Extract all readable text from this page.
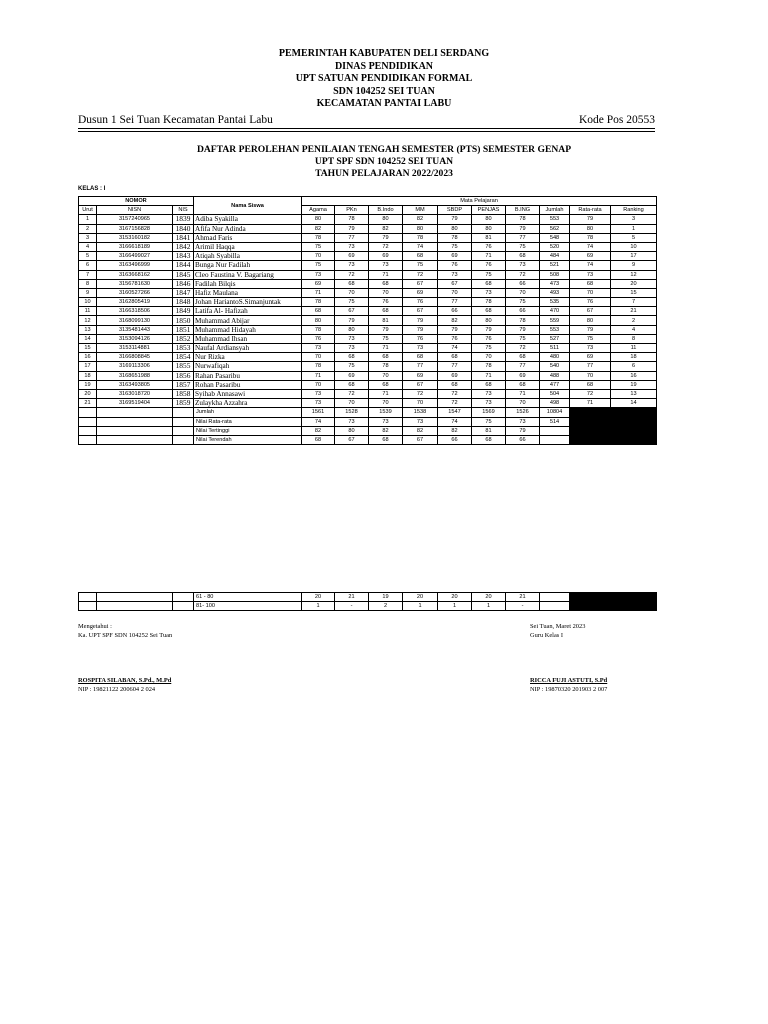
PEMERINTAH KABUPATEN DELI SERDANG
DINAS PENDIDIKAN
UPT SATUAN PENDIDIKAN FORMAL
SDN 104252 SEI TUAN
KECAMATAN PANTAI LABU
Dusun 1 Sei Tuan Kecamatan Pantai Labu	Kode Pos 20553
DAFTAR PEROLEHAN PENILAIAN TENGAH SEMESTER (PTS) SEMESTER GENAP
UPT SPF SDN 104252 SEI TUAN
TAHUN PELAJARAN 2022/2023
KELAS : I
NOMOR			Nama Siswa	Mata Pelajaran									
Urut	NISN	NIS		Agama	PKn	B.Indo	MM	SBDP	PENJAS	B.ING	Jumlah	Rata-rata	Ranking
1	3157240965	1839	Adiba Syakilla	80	78	80	82	79	80	78	553	79	3
2	3167156828	1840	Afifa Nur Adinda	82	79	82	80	80	80	79	562	80	1
3	3153160182	1841	Ahmad Faris	78	77	79	78	78	81	77	548	78	5
4	3166618189	1842	Arimil Haqqa	75	73	72	74	75	76	75	520	74	10
5	3166499027	1843	Atiqah Syabilla	70	69	69	68	69	71	68	484	69	17
6	3163496999	1844	Bunga Nur Fadilah	75	73	73	75	76	76	73	521	74	9
7	3163668162	1845	Cleo Faustina V. Bagariang	73	72	71	72	73	75	72	508	73	12
8	3156781630	1846	Fadilah Bilqis	69	68	68	67	67	68	66	473	68	20
9	3160527266	1847	Hafiz Maulana	71	70	70	69	70	73	70	493	70	15
10	3162805419	1848	Johan HariantoS.Simanjuntak	78	75	76	76	77	78	75	535	76	7
11	3166318506	1849	Latifa Al- Hafizah	68	67	68	67	66	68	66	470	67	21
12	3168099130	1850	Muhammad Abijar	80	79	81	79	82	80	78	559	80	2
13	3135481443	1851	Muhammad Hidayah	78	80	79	79	79	79	79	553	79	4
14	3153094126	1852	Muhammad Ihsan	76	73	75	76	76	76	75	527	75	8
15	3153114881	1853	Naufal Ardiansyah	73	73	71	73	74	75	72	511	73	11
16	3166808845	1854	Nur Rizka	70	68	68	68	68	70	68	480	69	18
17	3169113306	1855	Nurwafiqah	78	75	78	77	77	78	77	540	77	6
18	3168651988	1856	Rahan Pasaribu	71	69	70	69	69	71	69	488	70	16
19	3163493805	1857	Rohan Pasaribu	70	68	68	67	68	68	68	477	68	19
20	3163018720	1858	Syihab Annasawi	73	72	71	72	72	73	71	504	72	13
21	3169519404	1859	Zulaykha Azzahra	73	70	70	70	72	73	70	498	71	14
			Jumlah	1561	1528	1539	1538	1547	1569	1526	10804		
			Nilai Rata-rata	74	73	73	73	74	75	73	514		
			Nilai Tertinggi	82	80	82	82	82	81	79			
			Nilai Terendah	68	67	68	67	66	68	66			
			61 - 80	20	21	19	20	20	20	21		
			81- 100	1	-	2	1	1	1	-		
Mengetahui :
Ka. UPT SPF SDN 104252 Sei Tuan
ROSPITA SILABAN, S.Pd., M.Pd
NIP : 19821122 200604 2 024
Sei Tuan, Maret 2023
Guru Kelas I
RICCA FUJI ASTUTI, S.Pd
NIP : 19870320 201903 2 007
